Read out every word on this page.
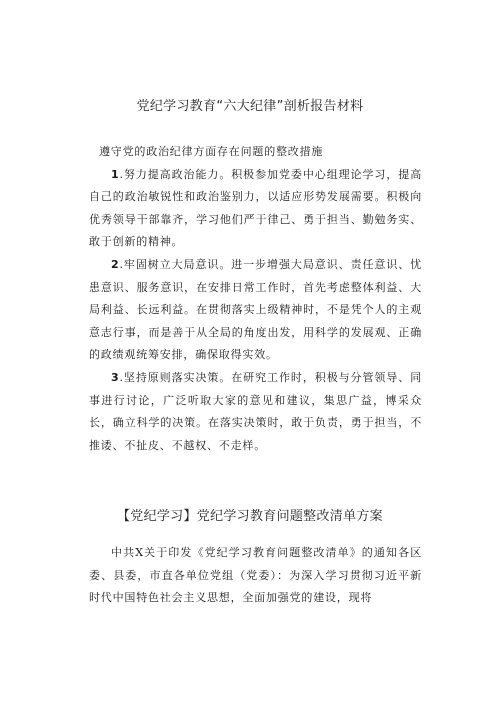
党纪学习教育“六大纪律”剖析报告材料

遵守党的政治纪律方面存在问题的整改措施

1.努力提高政治能力。积极参加党委中心组理论学习，提高自己的政治敏锐性和政治鉴别力，以适应形势发展需要。积极向优秀领导干部靠齐，学习他们严于律己、勇于担当、勤勉务实、敢于创新的精神。

2.牢固树立大局意识。进一步增强大局意识、责任意识、忧患意识、服务意识，在安排日常工作时，首先考虑整体利益、大局利益、长远利益。在贯彻落实上级精神时，不是凭个人的主观意志行事，而是善于从全局的角度出发，用科学的发展观、正确的政绩观统筹安排，确保取得实效。

3.坚持原则落实决策。在研究工作时，积极与分管领导、同事进行讨论，广泛听取大家的意见和建议，集思广益，博采众长，确立科学的决策。在落实决策时，敢于负责，勇于担当，不推诿、不扯皮、不越权、不走样。

【党纪学习】党纪学习教育问题整改清单方案

中共X关于印发《党纪学习教育问题整改清单》的通知各区委、县委，市直各单位党组（党委）：为深入学习贯彻习近平新时代中国特色社会主义思想，全面加强党的建设，现将
